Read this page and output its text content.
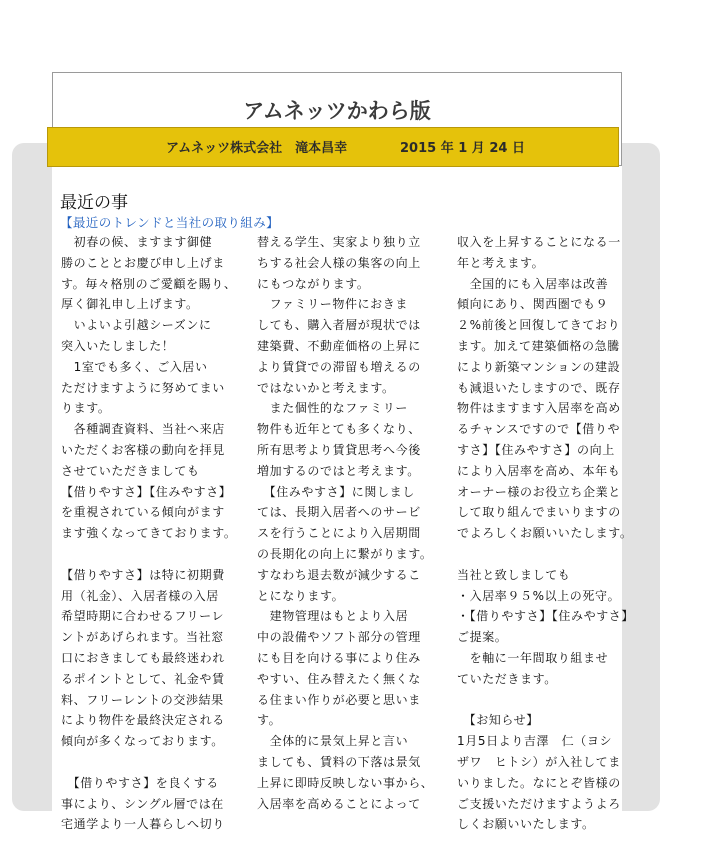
アムネッツかわら版
アムネッツ株式会社　滝本昌幸	2015 年 1 月 24 日
最近の事
【最近のトレンドと当社の取り組み】
　初春の候、ますます御健
勝のこととお慶び申し上げま
す。毎々格別のご愛顧を賜り、
厚く御礼申し上げます。
　いよいよ引越シーズンに
突入いたしました！
　1室でも多く、ご入居い
ただけますように努めてまい
ります。
　各種調査資料、当社へ来店
いただくお客様の動向を拝見
させていただきましても
【借りやすさ】【住みやすさ】
を重視されている傾向がます
ます強くなってきております。
【借りやすさ】は特に初期費
用（礼金）、入居者様の入居
希望時期に合わせるフリーレ
ントがあげられます。当社窓
口におきましても最終迷われ
るポイントとして、礼金や賃
料、フリーレントの交渉結果
により物件を最終決定される
傾向が多くなっております。
　【借りやすさ】を良くする
事により、シングル層では在
宅通学より一人暮らしへ切り
替える学生、実家より独り立
ちする社会人様の集客の向上
にもつながります。
　ファミリー物件におきま
しても、購入者層が現状では
建築費、不動産価格の上昇に
より賃貸での滞留も増えるの
ではないかと考えます。
　また個性的なファミリー
物件も近年とても多くなり、
所有思考より賃貸思考へ今後
増加するのではと考えます。
　【住みやすさ】に関しまし
ては、長期入居者へのサービ
スを行うことにより入居期間
の長期化の向上に繋がります。
すなわち退去数が減少するこ
とになります。
　建物管理はもとより入居
中の設備やソフト部分の管理
にも目を向ける事により住み
やすい、住み替えたく無くな
る住まい作りが必要と思いま
す。
　全体的に景気上昇と言い
ましても、賃料の下落は景気
上昇に即時反映しない事から、
入居率を高めることによって
収入を上昇することになる一
年と考えます。
　全国的にも入居率は改善
傾向にあり、関西圏でも９
２%前後と回復してきており
ます。加えて建築価格の急騰
により新築マンションの建設
も減退いたしますので、既存
物件はますます入居率を高め
るチャンスですので【借りや
すさ】【住みやすさ】の向上
により入居率を高め、本年も
オーナー様のお役立ち企業と
して取り組んでまいりますの
でよろしくお願いいたします。
当社と致しましても
・入居率９５%以上の死守。
・【借りやすさ】【住みやすさ】
ご提案。
　を軸に一年間取り組ませ
ていただきます。
　【お知らせ】
1月5日より吉澤　仁（ヨシ
ザワ　ヒトシ）が入社してま
いりました。なにとぞ皆様の
ご支援いただけますようよろ
しくお願いいたします。
